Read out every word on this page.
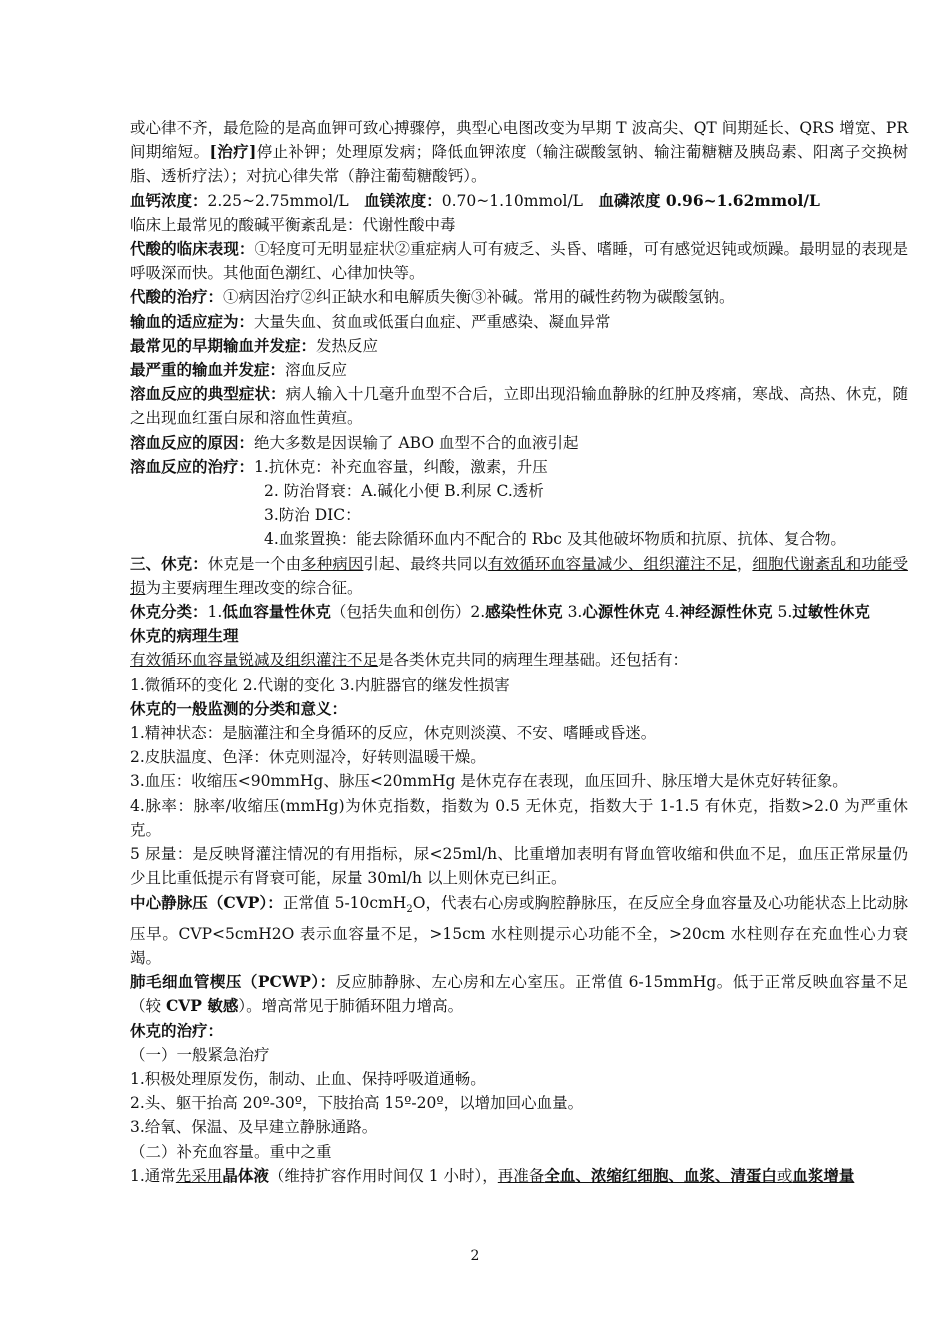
或心律不齐，最危险的是高血钾可致心搏骤停，典型心电图改变为早期 T 波高尖、QT 间期延长、QRS 增宽、PR 间期缩短。[治疗]停止补钾；处理原发病；降低血钾浓度（输注碳酸氢钠、输注葡糖糖及胰岛素、阳离子交换树脂、透析疗法）；对抗心律失常（静注葡萄糖酸钙）。

血钙浓度：2.25~2.75mmol/L　血镁浓度：0.70~1.10mmol/L　血磷浓度 0.96~1.62mmol/L

临床上最常见的酸碱平衡紊乱是：代谢性酸中毒

代酸的临床表现：①轻度可无明显症状②重症病人可有疲乏、头昏、嗜睡，可有感觉迟钝或烦躁。最明显的表现是呼吸深而快。其他面色潮红、心律加快等。

代酸的治疗：①病因治疗②纠正缺水和电解质失衡③补碱。常用的碱性药物为碳酸氢钠。

输血的适应症为：大量失血、贫血或低蛋白血症、严重感染、凝血异常

最常见的早期输血并发症：发热反应

最严重的输血并发症：溶血反应

溶血反应的典型症状：病人输入十几毫升血型不合后，立即出现沿输血静脉的红肿及疼痛，寒战、高热、休克，随之出现血红蛋白尿和溶血性黄疸。

溶血反应的原因：绝大多数是因误输了 ABO 血型不合的血液引起

溶血反应的治疗：1.抗休克：补充血容量，纠酸，激素，升压

2. 防治肾衰：A.碱化小便 B.利尿 C.透析

3.防治 DIC：

4.血浆置换：能去除循环血内不配合的 Rbc 及其他破坏物质和抗原、抗体、复合物。

三、休克：休克是一个由多种病因引起、最终共同以有效循环血容量减少、组织灌注不足，细胞代谢紊乱和功能受损为主要病理生理改变的综合征。

休克分类：1.低血容量性休克（包括失血和创伤）2.感染性休克 3.心源性休克 4.神经源性休克 5.过敏性休克

休克的病理生理

有效循环血容量锐减及组织灌注不足是各类休克共同的病理生理基础。还包括有：

1.微循环的变化 2.代谢的变化 3.内脏器官的继发性损害

休克的一般监测的分类和意义：

1.精神状态：是脑灌注和全身循环的反应，休克则淡漠、不安、嗜睡或昏迷。

2.皮肤温度、色泽：休克则湿冷，好转则温暖干燥。

3.血压：收缩压<90mmHg、脉压<20mmHg 是休克存在表现，血压回升、脉压增大是休克好转征象。

4.脉率：脉率/收缩压(mmHg)为休克指数，指数为 0.5 无休克，指数大于 1-1.5 有休克，指数>2.0 为严重休克。

5 尿量：是反映肾灌注情况的有用指标，尿<25ml/h、比重增加表明有肾血管收缩和供血不足，血压正常尿量仍少且比重低提示有肾衰可能，尿量 30ml/h 以上则休克已纠正。

中心静脉压（CVP）：正常值 5-10cmH$_2$O，代表右心房或胸腔静脉压，在反应全身血容量及心功能状态上比动脉压早。CVP<5cmH2O 表示血容量不足，>15cm 水柱则提示心功能不全，>20cm 水柱则存在充血性心力衰竭。

肺毛细血管楔压（PCWP）：反应肺静脉、左心房和左心室压。正常值 6-15mmHg。低于正常反映血容量不足（较 CVP 敏感）。增高常见于肺循环阻力增高。

休克的治疗：

（一）一般紧急治疗

1.积极处理原发伤，制动、止血、保持呼吸道通畅。

2.头、躯干抬高 20º-30º，下肢抬高 15º-20º，以增加回心血量。

3.给氧、保温、及早建立静脉通路。

（二）补充血容量。重中之重

1.通常先采用晶体液（维持扩容作用时间仅 1 小时），再准备全血、浓缩红细胞、血浆、清蛋白或血浆增量

2
